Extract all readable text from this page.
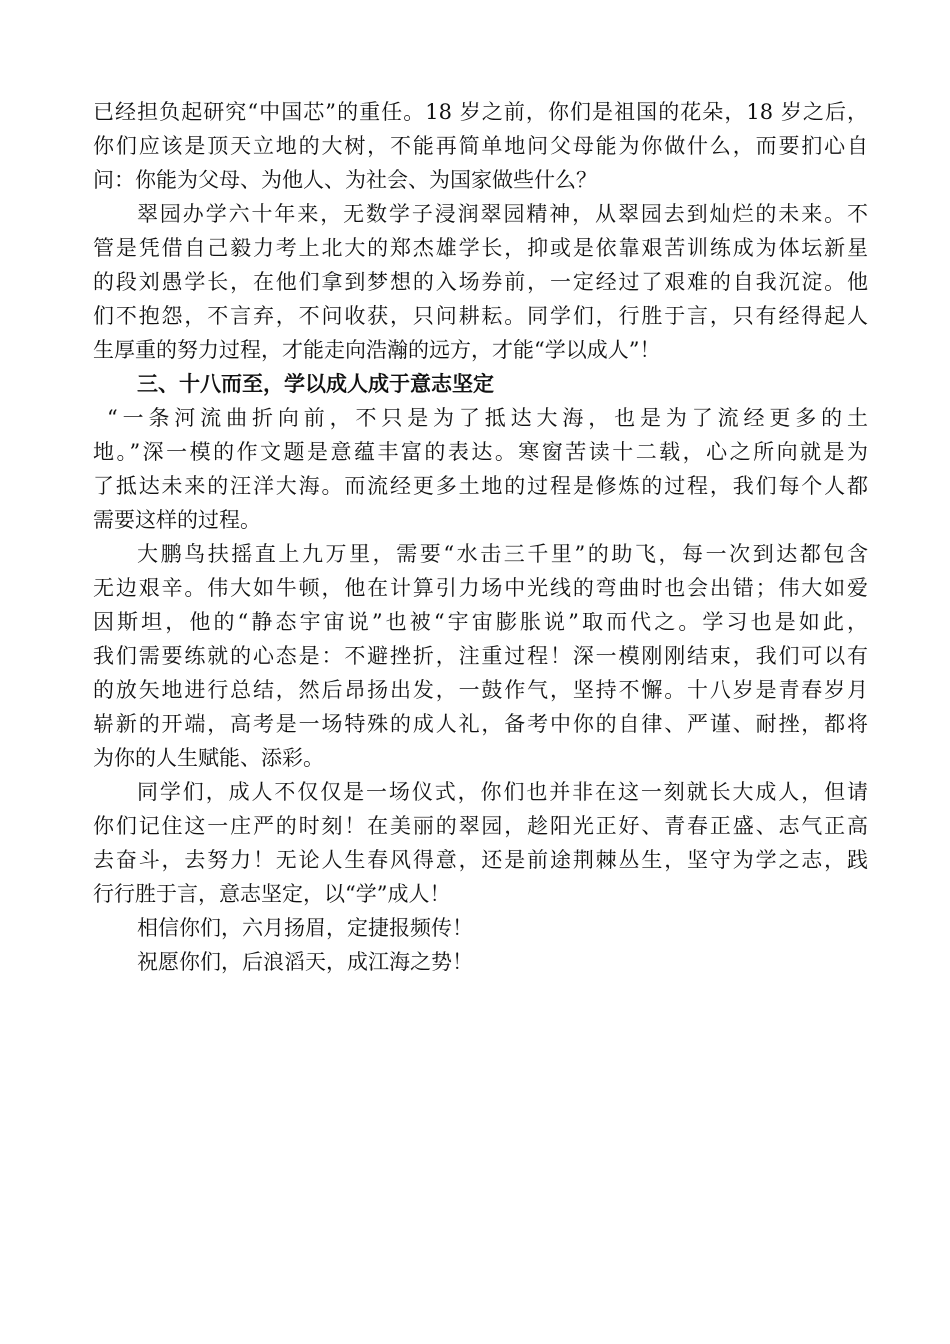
已经担负起研究“中国芯”的重任。18 岁之前，你们是祖国的花朵，18 岁之后，
你们应该是顶天立地的大树，不能再简单地问父母能为你做什么，而要扪心自
问：你能为父母、为他人、为社会、为国家做些什么？
翠园办学六十年来，无数学子浸润翠园精神，从翠园去到灿烂的未来。不
管是凭借自己毅力考上北大的郑杰雄学长，抑或是依靠艰苦训练成为体坛新星
的段刘愚学长，在他们拿到梦想的入场券前，一定经过了艰难的自我沉淀。他
们不抱怨，不言弃，不问收获，只问耕耘。同学们，行胜于言，只有经得起人
生厚重的努力过程，才能走向浩瀚的远方，才能“学以成人”！
三、十八而至，学以成人成于意志坚定
“一条河流曲折向前，不只是为了抵达大海，也是为了流经更多的土
地。”深一模的作文题是意蕴丰富的表达。寒窗苦读十二载，心之所向就是为
了抵达未来的汪洋大海。而流经更多土地的过程是修炼的过程，我们每个人都
需要这样的过程。
大鹏鸟扶摇直上九万里，需要“水击三千里”的助飞，每一次到达都包含
无边艰辛。伟大如牛顿，他在计算引力场中光线的弯曲时也会出错；伟大如爱
因斯坦，他的“静态宇宙说”也被“宇宙膨胀说”取而代之。学习也是如此，
我们需要练就的心态是：不避挫折，注重过程！深一模刚刚结束，我们可以有
的放矢地进行总结，然后昂扬出发，一鼓作气，坚持不懈。十八岁是青春岁月
崭新的开端，高考是一场特殊的成人礼，备考中你的自律、严谨、耐挫，都将
为你的人生赋能、添彩。
同学们，成人不仅仅是一场仪式，你们也并非在这一刻就长大成人，但请
你们记住这一庄严的时刻！在美丽的翠园，趁阳光正好、青春正盛、志气正高
去奋斗，去努力！无论人生春风得意，还是前途荆棘丛生，坚守为学之志，践
行行胜于言，意志坚定，以“学”成人！
相信你们，六月扬眉，定捷报频传！
祝愿你们，后浪滔天，成江海之势！
